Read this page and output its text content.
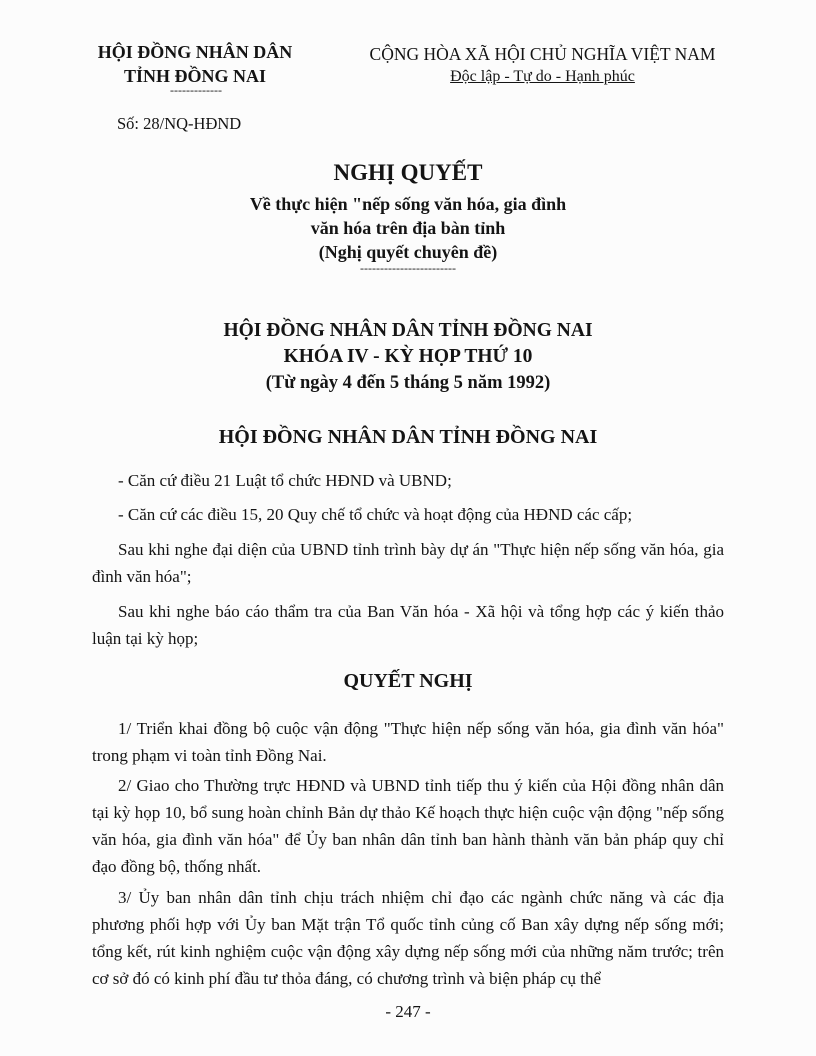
HỘI ĐỒNG NHÂN DÂN
TỈNH ĐỒNG NAI
-------------
CỘNG HÒA XÃ HỘI CHỦ NGHĨA VIỆT NAM
Độc lập - Tự do - Hạnh phúc
Số: 28/NQ-HĐND
NGHỊ QUYẾT
Về thực hiện "nếp sống văn hóa, gia đình
văn hóa trên địa bàn tỉnh
(Nghị quyết chuyên đề)
------------------------
HỘI ĐỒNG NHÂN DÂN TỈNH ĐỒNG NAI
KHÓA IV - KỲ HỌP THỨ 10
(Từ ngày 4 đến 5 tháng 5 năm 1992)
HỘI ĐỒNG NHÂN DÂN TỈNH ĐỒNG NAI
- Căn cứ điều 21 Luật tổ chức HĐND và UBND;
- Căn cứ các điều 15, 20 Quy chế tổ chức và hoạt động của HĐND các cấp;
Sau khi nghe đại diện của UBND tỉnh trình bày dự án "Thực hiện nếp sống văn hóa, gia đình văn hóa";
Sau khi nghe báo cáo thẩm tra của Ban Văn hóa - Xã hội và tổng hợp các ý kiến thảo luận tại kỳ họp;
QUYẾT NGHỊ
1/ Triển khai đồng bộ cuộc vận động "Thực hiện nếp sống văn hóa, gia đình văn hóa" trong phạm vi toàn tỉnh Đồng Nai.
2/ Giao cho Thường trực HĐND và UBND tỉnh tiếp thu ý kiến của Hội đồng nhân dân tại kỳ họp 10, bổ sung hoàn chỉnh Bản dự thảo Kế hoạch thực hiện cuộc vận động "nếp sống văn hóa, gia đình văn hóa" để Ủy ban nhân dân tỉnh ban hành thành văn bản pháp quy chỉ đạo đồng bộ, thống nhất.
3/ Ủy ban nhân dân tỉnh chịu trách nhiệm chỉ đạo các ngành chức năng và các địa phương phối hợp với Ủy ban Mặt trận Tổ quốc tỉnh củng cố Ban xây dựng nếp sống mới; tổng kết, rút kinh nghiệm cuộc vận động xây dựng nếp sống mới của những năm trước; trên cơ sở đó có kinh phí đầu tư thỏa đáng, có chương trình và biện pháp cụ thể
- 247 -
